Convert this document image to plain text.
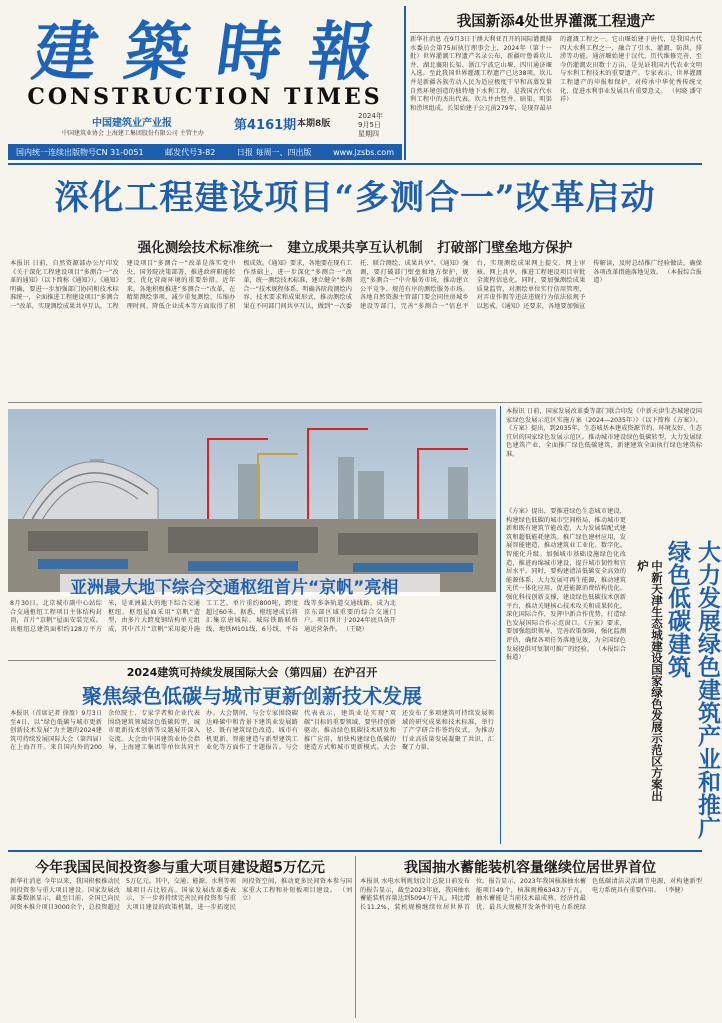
建 築 時 報
CONSTRUCTION TIMES
中国建筑业产业报
中国建筑业协会 上海建工集团股份有限公司 主管主办
第4161期 本期8版
2024年
9月5日
星期四
国内统一连续出版物号CN 31-0051	邮发代号3-82	日报 每周一、四出版	www.jzsbs.com
我国新添4处世界灌溉工程遗产
新华社消息 在9月3日于澳大利亚召开的国际灌溉排水委员会第75届执行理事会上，2024年（第十一批）世界灌溉工程遗产名录公布，新疆叶鲁番坎儿井、湖北襄阳长渠、浙江宁波它山堰、四川通济堰入选。至此我国世界灌溉工程遗产已达38项。坎儿井是新疆各族劳动人民为适应极度干旱和高蒸发量自然环境创造的独特地下水利工程，是我国古代水利工程中的杰出代表。坎儿井由竖井、暗渠、明渠和涝坝组成。长渠始建于公元前279年，是现存最早的灌溉工程之一。它山堰始建于唐代，是我国古代四大水利工程之一，融合了引水、灌溉、防洪、排涝等功能。通济堰始建于汉代，历代维修完善，至今仍灌溉农田数十万亩，是见证我国古代农业文明与水利工程技术的重要遗产。专家表示，世界灌溉工程遗产的申报和保护，对传承中华优秀传统文化、促进水利事业发展具有重要意义。 （何晓 潘守祥）
深化工程建设项目“多测合一”改革启动
强化测绘技术标准统一 建立成果共享互认机制 打破部门壁垒地方保护
本报讯 日前，自然资源部办公厅印发《关于深化工程建设项目“多测合一”改革的通知》（以下简称《通知》）。《通知》明确，要进一步加强部门协同和技术标准统一，全面推进工程建设项目“多测合一”改革，实现测绘成果共享互认。工程建设项目“多测合一”改革是落实党中央、国务院决策部署，推进政府职能转变、优化营商环境的重要举措。近年来，各地积极推进“多测合一”改革，在精简测绘事项、减少重复测绘、压缩办理时间、降低企业成本等方面取得了积极成效。《通知》要求，各地要在现有工作基础上，进一步深化“多测合一”改革，统一测绘技术标准，建立健全“多测合一”技术规程体系，明确各阶段测绘内容、技术要求和成果形式，推动测绘成果在不同部门间共享互认，做到“一次委托、联合测绘、成果共享”。《通知》强调，要打破部门壁垒和地方保护，规范“多测合一”中介服务市场，推动建立公平竞争、规范有序的测绘服务市场。各地自然资源主管部门要会同住房城乡建设等部门，完善“多测合一”信息平台，实现测绘成果网上提交、网上审核、网上共享，推进工程建设项目审批全流程信息化。同时，要加强测绘成果质量监管，对测绘单位实行信用管理，对弄虚作假等违法违规行为依法依规予以惩戒。《通知》还要求，各地要加强宣传解读，及时总结推广经验做法，确保各项改革措施落地见效。 （本报综合报道）
亚洲最大地下综合交通枢纽首片“京帆”亮相
8月30日，北京城市副中心站综合交通枢纽工程项目主体结构封顶，首片“京帆”屋面安装完成。该枢纽总建筑面积约128万平方米，是亚洲最大的地下综合交通枢纽。枢纽屋面采用“京帆”造型，由多片大跨度钢结构单元组成，其中首片“京帆”采用提升施工工艺，单片重约800吨，跨度超过60米。据悉，枢纽建成后将汇集京唐城际、城际铁路联络线、地铁M101线、6号线、平谷线等多条轨道交通线路，成为北京东部区域重要的综合交通门户。项目预计于2024年底具备开通运营条件。 （王晓）
2024建筑可持续发展国际大会（第四届）在沪召开
聚焦绿色低碳与城市更新创新技术发展
本报讯（首席记者 徐盈）9月3日至4日，以“绿色低碳与城市更新创新技术发展”为主题的2024建筑可持续发展国际大会（第四届）在上海召开。来自国内外的200余位院士、专家学者和企业代表围绕建筑领域绿色低碳转型、城市更新技术创新等议题展开深入交流。大会由中国建筑业协会指导，上海建工集团等单位共同主办。大会期间，与会专家围绕碳达峰碳中和背景下建筑业发展路径、既有建筑绿色改造、城市有机更新、智能建造与新型建筑工业化等方面作了主题报告。与会代表表示，建筑业是实现“双碳”目标的重要领域，要坚持创新驱动，推动绿色低碳技术研发和推广应用，加快构建绿色低碳的建造方式和城市更新模式。大会还发布了多项建筑可持续发展领域的研究成果和技术标准，举行了产学研合作签约仪式，为推动行业高质量发展凝聚了共识、汇聚了力量。
本报讯 日前，国家发展改革委等部门联合印发《中新天津生态城建设国家绿色发展示范区实施方案（2024—2035年）》（以下简称《方案》）。《方案》提出，到2035年，生态城基本建成资源节约、环境友好、生态宜居的国家绿色发展示范区。推动城市建设绿色低碳转型，大力发展绿色建筑产业，全面推广绿色低碳建筑，新建建筑全面执行绿色建筑标准。
《方案》提出，要推进绿色生态城市建设，构建绿色低碳的城市空间格局，推动城市更新和既有建筑节能改造，大力发展装配式建筑和超低能耗建筑。推广绿色建材应用，发展智能建造，推动建筑业工业化、数字化、智能化升级。加强城市基础设施绿色化改造，推进海绵城市建设，提升城市韧性和宜居水平。同时，要构建清洁低碳安全高效的能源体系，大力发展可再生能源，推动建筑光伏一体化应用，促进能源消费结构优化。强化科技创新支撑，建设绿色低碳技术创新平台，推动关键核心技术攻关和成果转化。深化国际合作，发挥中新合作优势，打造绿色发展国际合作示范窗口。《方案》要求，要加强组织领导，完善政策保障，强化监测评估，确保各项任务落地见效，为全国绿色发展提供可复制可推广的经验。 （本报综合报道）	大力发展绿色建筑产业和推广绿色低碳建筑
中新天津生态城建设国家绿色发展示范区方案出炉
今年我国民间投资参与重大项目建设超5万亿元
新华社消息 今年以来，我国积极推动民间投资参与重大项目建设。国家发展改革委数据显示，截至目前，全国已向民间资本推介项目3000余个，总投资超过5万亿元。其中，交通、能源、水利等领域项目占比较高。国家发展改革委表示，下一步将持续完善民间投资参与重大项目建设的政策机制，进一步拓宽民间投资空间，推动更多民间资本参与国家重大工程和补短板项目建设。 （刘立）
我国抽水蓄能装机容量继续位居世界首位
本报讯 水电水利规划设计总院日前发布的报告显示，截至2023年底，我国抽水蓄能装机容量达到5094万千瓦，同比增长11.2%，装机规模继续位居世界首位。报告显示，2023年我国核准抽水蓄能项目49个，核准规模6343万千瓦。抽水蓄能是当前技术最成熟、经济性最优、最具大规模开发条件的电力系统绿色低碳清洁灵活调节电源，对构建新型电力系统具有重要作用。 （李健）
